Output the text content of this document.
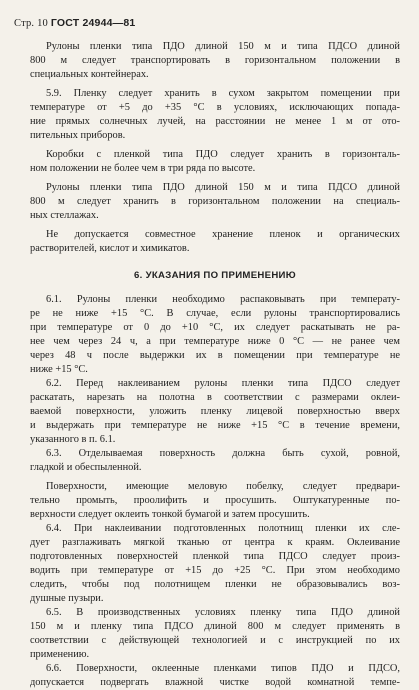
Стр. 10 ГОСТ 24944—81
Рулоны пленки типа ПДО длиной 150 м и типа ПДСО длиной
800 м следует транспортировать в горизонтальном положении в
специальных контейнерах.
5.9. Пленку следует хранить в сухом закрытом помещении при
температуре от +5 до +35 °С в условиях, исключающих попада-
ние прямых солнечных лучей, на расстоянии не менее 1 м от ото-
пительных приборов.
Коробки с пленкой типа ПДО следует хранить в горизонталь-
ном положении не более чем в три ряда по высоте.
Рулоны пленки типа ПДО длиной 150 м и типа ПДСО длиной
800 м следует хранить в горизонтальном положении на специаль-
ных стеллажах.
Не допускается совместное хранение пленок и органических
растворителей, кислот и химикатов.
6. УКАЗАНИЯ ПО ПРИМЕНЕНИЮ
6.1. Рулоны пленки необходимо распаковывать при температу-
ре не ниже +15 °С. В случае, если рулоны транспортировались
при температуре от 0 до +10 °С, их следует раскатывать не ра-
нее чем через 24 ч, а при температуре ниже 0 °С — не ранее чем
через 48 ч после выдержки их в помещении при температуре не
ниже +15 °С.
6.2. Перед наклеиванием рулоны пленки типа ПДСО следует
раскатать, нарезать на полотна в соответствии с размерами оклеи-
ваемой поверхности, уложить пленку лицевой поверхностью вверх
и выдержать при температуре не ниже +15 °С в течение времени,
указанного в п. 6.1.
6.3. Отделываемая поверхность должна быть сухой, ровной,
гладкой и обеспыленной.
Поверхности, имеющие меловую побелку, следует предвари-
тельно промыть, проолифить и просушить. Оштукатуренные по-
верхности следует оклеить тонкой бумагой и затем просушить.
6.4. При наклеивании подготовленных полотнищ пленки их сле-
дует разглаживать мягкой тканью от центра к краям. Оклеивание
подготовленных поверхностей пленкой типа ПДСО следует произ-
водить при температуре от +15 до +25 °С. При этом необходимо
следить, чтобы под полотнищем пленки не образовывались воз-
душные пузыри.
6.5. В производственных условиях пленку типа ПДО длиной
150 м и пленку типа ПДСО длиной 800 м следует применять в
соответствии с действующей технологией и с инструкцией по их
применению.
6.6. Поверхности, оклеенные пленками типов ПДО и ПДСО,
допускается подвергать влажной чистке водой комнатной темпе-
